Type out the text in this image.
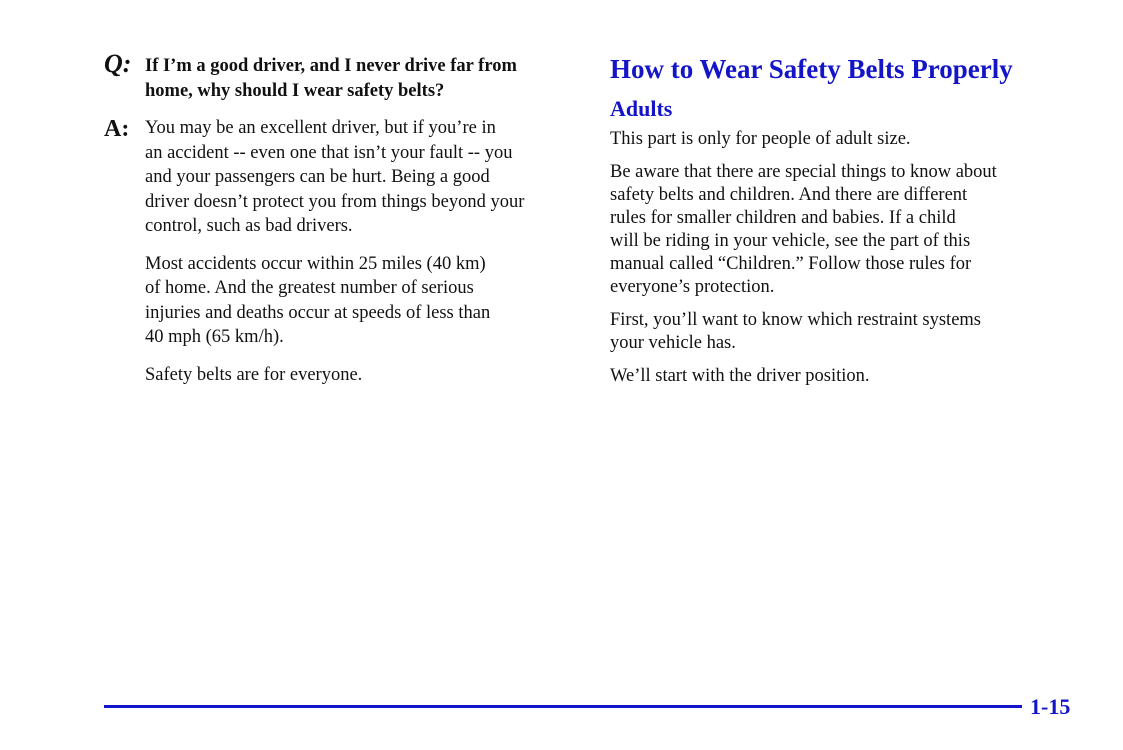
Q: If I’m a good driver, and I never drive far from
home, why should I wear safety belts?

A: You may be an excellent driver, but if you’re in
an accident -- even one that isn’t your fault -- you
and your passengers can be hurt. Being a good
driver doesn’t protect you from things beyond your
control, such as bad drivers.

Most accidents occur within 25 miles (40 km)
of home. And the greatest number of serious
injuries and deaths occur at speeds of less than
40 mph (65 km/h).

Safety belts are for everyone.

How to Wear Safety Belts Properly
Adults

This part is only for people of adult size.

Be aware that there are special things to know about
safety belts and children. And there are different
rules for smaller children and babies. If a child
will be riding in your vehicle, see the part of this
manual called “Children.” Follow those rules for
everyone’s protection.

First, you’ll want to know which restraint systems
your vehicle has.

We’ll start with the driver position.

1-15
